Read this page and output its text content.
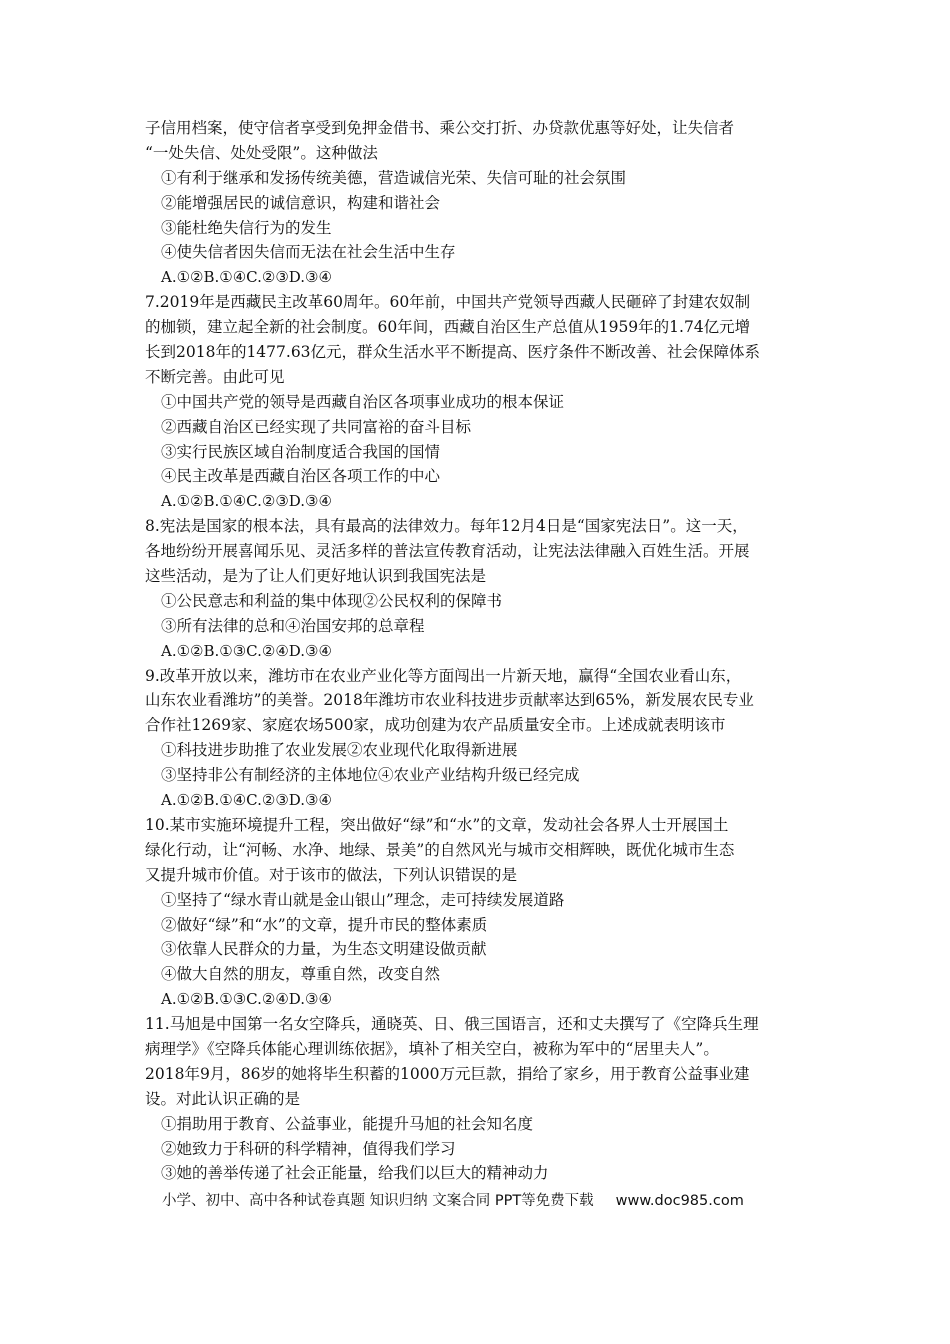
子信用档案，使守信者享受到免押金借书、乘公交打折、办贷款优惠等好处，让失信者
“一处失信、处处受限”。这种做法
①有利于继承和发扬传统美德，营造诚信光荣、失信可耻的社会氛围
②能增强居民的诚信意识，构建和谐社会
③能杜绝失信行为的发生
④使失信者因失信而无法在社会生活中生存
A.①②B.①④C.②③D.③④
7.2019年是西藏民主改革60周年。60年前，中国共产党领导西藏人民砸碎了封建农奴制
的枷锁，建立起全新的社会制度。60年间，西藏自治区生产总值从1959年的1.74亿元增
长到2018年的1477.63亿元，群众生活水平不断提高、医疗条件不断改善、社会保障体系
不断完善。由此可见
①中国共产党的领导是西藏自治区各项事业成功的根本保证
②西藏自治区已经实现了共同富裕的奋斗目标
③实行民族区域自治制度适合我国的国情
④民主改革是西藏自治区各项工作的中心
A.①②B.①④C.②③D.③④
8.宪法是国家的根本法，具有最高的法律效力。每年12月4日是“国家宪法日”。这一天，
各地纷纷开展喜闻乐见、灵活多样的普法宣传教育活动，让宪法法律融入百姓生活。开展
这些活动，是为了让人们更好地认识到我国宪法是
①公民意志和利益的集中体现②公民权利的保障书
③所有法律的总和④治国安邦的总章程
A.①②B.①③C.②④D.③④
9.改革开放以来，潍坊市在农业产业化等方面闯出一片新天地，赢得“全国农业看山东，
山东农业看潍坊”的美誉。2018年潍坊市农业科技进步贡献率达到65%，新发展农民专业
合作社1269家、家庭农场500家，成功创建为农产品质量安全市。上述成就表明该市
①科技进步助推了农业发展②农业现代化取得新进展
③坚持非公有制经济的主体地位④农业产业结构升级已经完成
A.①②B.①④C.②③D.③④
10.某市实施环境提升工程，突出做好“绿”和“水”的文章，发动社会各界人士开展国土
绿化行动，让“河畅、水净、地绿、景美”的自然风光与城市交相辉映，既优化城市生态
又提升城市价值。对于该市的做法，下列认识错误的是
①坚持了“绿水青山就是金山银山”理念，走可持续发展道路
②做好“绿”和“水”的文章，提升市民的整体素质
③依靠人民群众的力量，为生态文明建设做贡献
④做大自然的朋友，尊重自然，改变自然
A.①②B.①③C.②④D.③④
11.马旭是中国第一名女空降兵，通晓英、日、俄三国语言，还和丈夫撰写了《空降兵生理
病理学》《空降兵体能心理训练依据》，填补了相关空白，被称为军中的“居里夫人”。
2018年9月，86岁的她将毕生积蓄的1000万元巨款，捐给了家乡，用于教育公益事业建
设。对此认识正确的是
①捐助用于教育、公益事业，能提升马旭的社会知名度
②她致力于科研的科学精神，值得我们学习
③她的善举传递了社会正能量，给我们以巨大的精神动力
小学、初中、高中各种试卷真题 知识归纳 文案合同 PPT等免费下载 www.doc985.com
